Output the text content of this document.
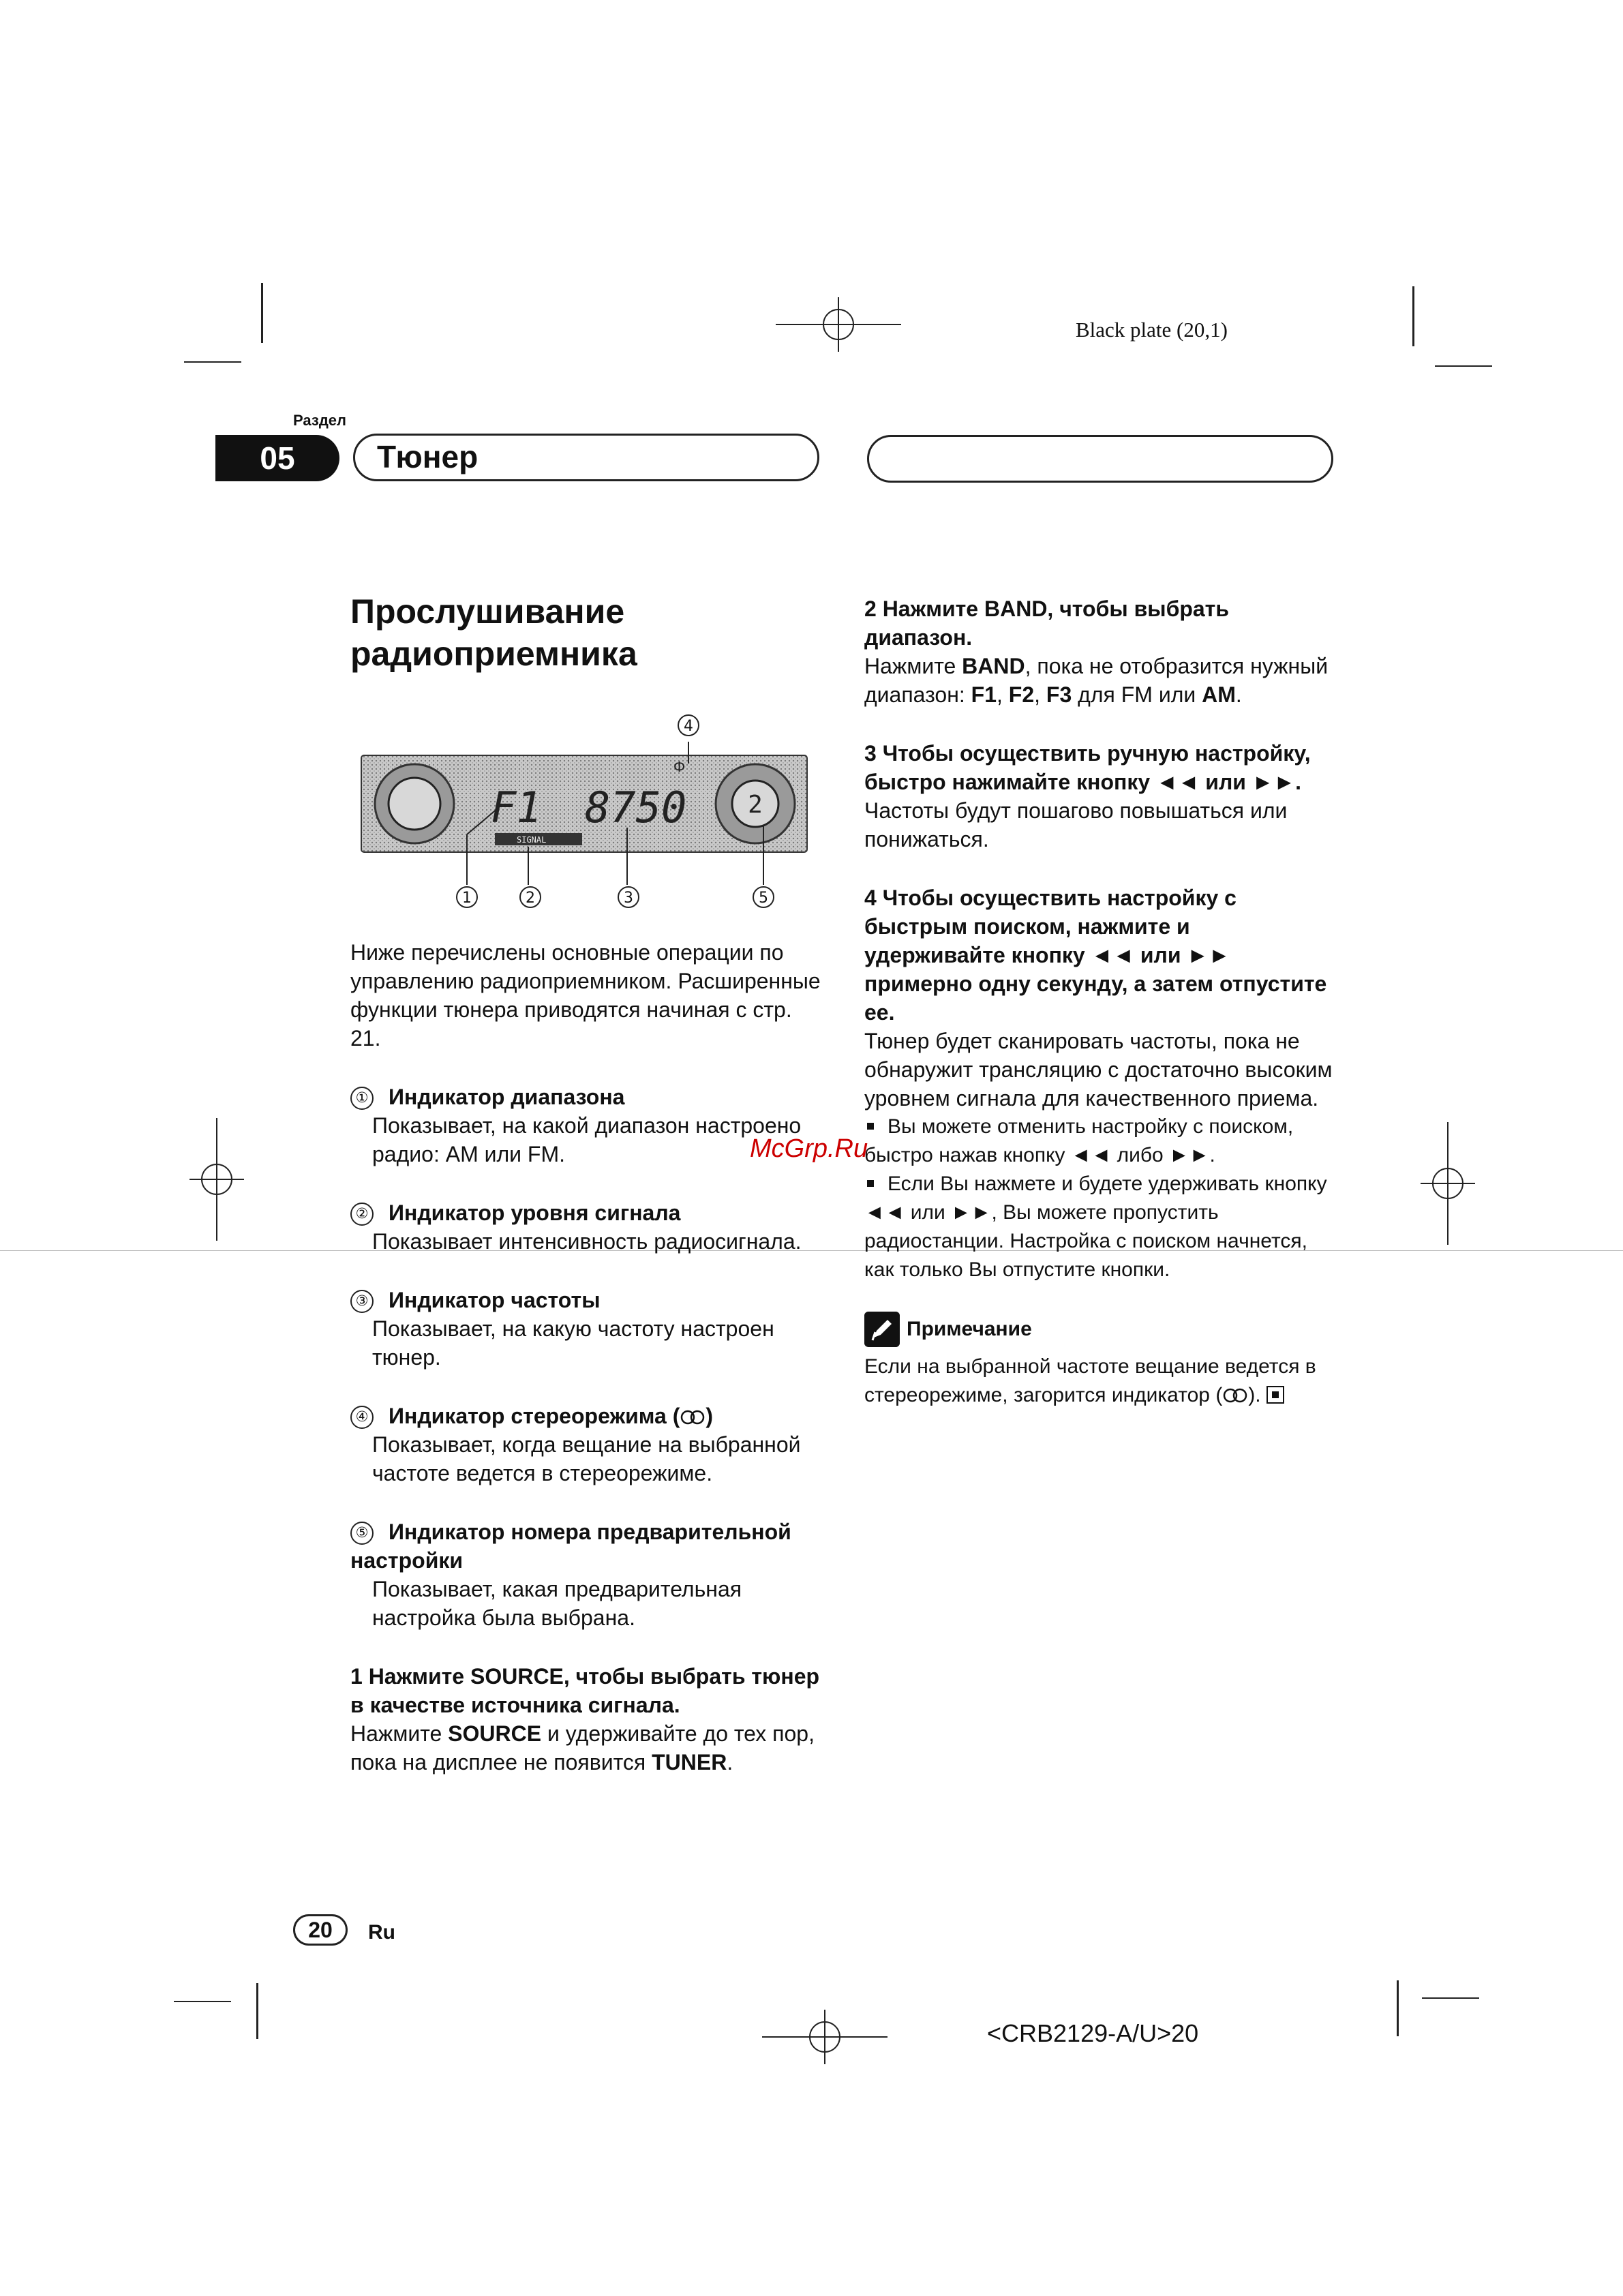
Black plate (20,1)
Раздел
05	Тюнер
Прослушивание радиоприемника
2
F1 8750
Ф
SIGNAL
1	2	3
4
5

Ниже перечислены основные операции по управлению радиоприемником. Расширенные функции тюнера приводятся начиная с стр. 21.

① Индикатор диапазона
Показывает, на какой диапазон настроено радио: AM или FM.
② Индикатор уровня сигнала
Показывает интенсивность радиосигнала.
③ Индикатор частоты
Показывает, на какую частоту настроен тюнер.
④ Индикатор стереорежима ( )
Показывает, когда вещание на выбранной частоте ведется в стереорежиме.
⑤ Индикатор номера предварительной настройки
Показывает, какая предварительная настройка была выбрана.
1 Нажмите SOURCE, чтобы выбрать тюнер в качестве источника сигнала.
Нажмите SOURCE и удерживайте до тех пор, пока на дисплее не появится TUNER.
2 Нажмите BAND, чтобы выбрать диапазон.
Нажмите BAND, пока не отобразится нужный диапазон: F1, F2, F3 для FM или AM.
3 Чтобы осуществить ручную настройку, быстро нажимайте кнопку ◄◄ или ►►.
Частоты будут пошагово повышаться или понижаться.
4 Чтобы осуществить настройку с быстрым поиском, нажмите и удерживайте кнопку ◄◄ или ►► примерно одну секунду, а затем отпустите ее.
Тюнер будет сканировать частоты, пока не обнаружит трансляцию с достаточно высоким уровнем сигнала для качественного приема.
Вы можете отменить настройку с поиском, быстро нажав кнопку ◄◄ либо ►►.
Если Вы нажмете и будете удерживать кнопку ◄◄ или ►►, Вы можете пропустить радиостанции. Настройка с поиском начнется, как только Вы отпустите кнопки.
Примечание
Если на выбранной частоте вещание ведется в стереорежиме, загорится индикатор ( ).
McGrp.Ru
20	Ru
<CRB2129-A/U>20
